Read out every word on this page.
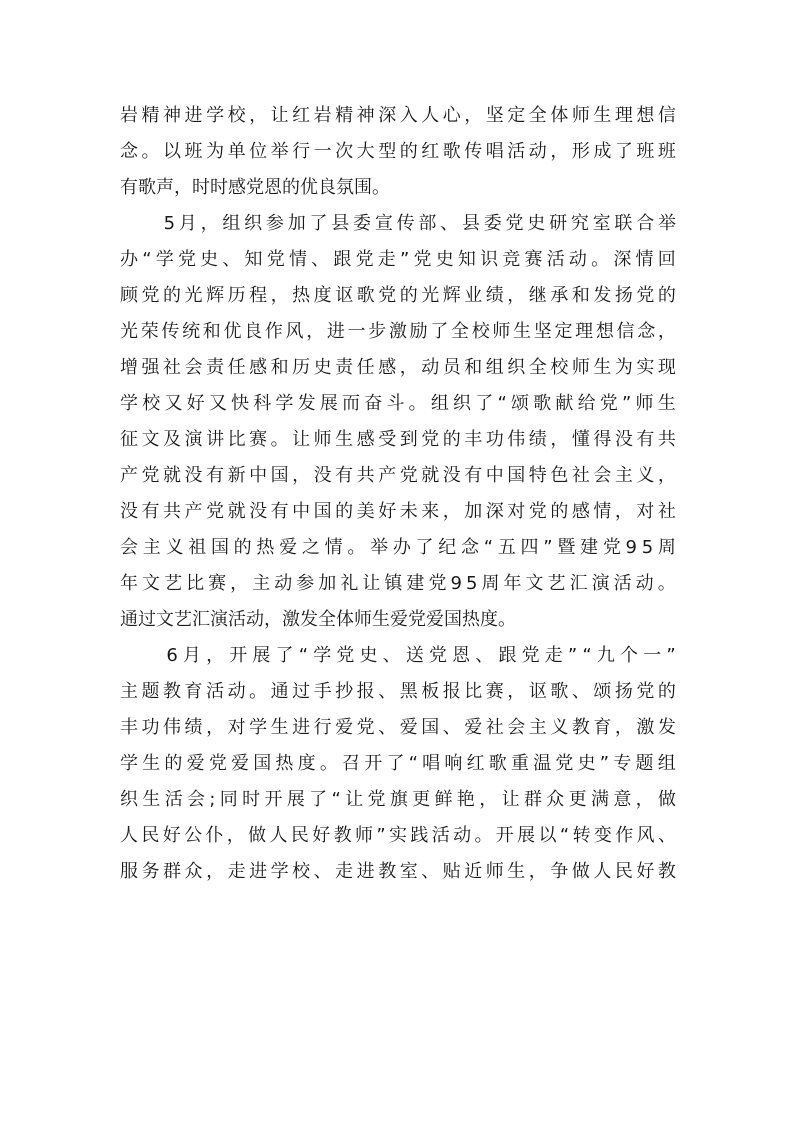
岩 精 神 进 学 校 ， 让 红 岩 精 神 深 入 人 心 ， 坚 定 全 体 师 生 理 想 信
念 。 以 班 为 单 位 举 行 一 次 大 型 的 红 歌 传 唱 活 动 ， 形 成 了 班 班
有歌声，时时感党恩的优良氛围。

5 月 ， 组 织 参 加 了 县 委 宣 传 部 、 县 委 党 史 研 究 室 联 合 举
办 “ 学 党 史 、 知 党 情 、 跟 党 走 ” 党 史 知 识 竞 赛 活 动 。 深 情 回
顾 党 的 光 辉 历 程 ， 热 度 讴 歌 党 的 光 辉 业 绩 ， 继 承 和 发 扬 党 的
光 荣 传 统 和 优 良 作 风 ， 进 一 步 激 励 了 全 校 师 生 坚 定 理 想 信 念 ，
增 强 社 会 责 任 感 和 历 史 责 任 感 ， 动 员 和 组 织 全 校 师 生 为 实 现
学 校 又 好 又 快 科 学 发 展 而 奋 斗 。 组 织 了 “ 颂 歌 献 给 党 ” 师 生
征 文 及 演 讲 比 赛 。 让 师 生 感 受 到 党 的 丰 功 伟 绩 ， 懂 得 没 有 共
产 党 就 没 有 新 中 国 ， 没 有 共 产 党 就 没 有 中 国 特 色 社 会 主 义 ，
没 有 共 产 党 就 没 有 中 国 的 美 好 未 来 ， 加 深 对 党 的 感 情 ， 对 社
会 主 义 祖 国 的 热 爱 之 情 。 举 办 了 纪 念 “ 五 四 ” 暨 建 党 9 5 周
年 文 艺 比 赛 ， 主 动 参 加 礼 让 镇 建 党 9 5 周 年 文 艺 汇 演 活 动 。
通过文艺汇演活动，激发全体师生爱党爱国热度。

6 月 ， 开 展 了 “ 学 党 史 、 送 党 恩 、 跟 党 走 ” “ 九 个 一 ”
主 题 教 育 活 动 。 通 过 手 抄 报 、 黑 板 报 比 赛 ， 讴 歌 、 颂 扬 党 的
丰 功 伟 绩 ， 对 学 生 进 行 爱 党 、 爱 国 、 爱 社 会 主 义 教 育 ， 激 发
学 生 的 爱 党 爱 国 热 度 。 召 开 了 “ 唱 响 红 歌 重 温 党 史 ” 专 题 组
织 生 活 会 ; 同 时 开 展 了 “ 让 党 旗 更 鲜 艳 ， 让 群 众 更 满 意 ， 做
人 民 好 公 仆 ， 做 人 民 好 教 师 ” 实 践 活 动 。 开 展 以 “ 转 变 作 风 、
服 务 群 众 ， 走 进 学 校 、 走 进 教 室 、 贴 近 师 生 ， 争 做 人 民 好 教
